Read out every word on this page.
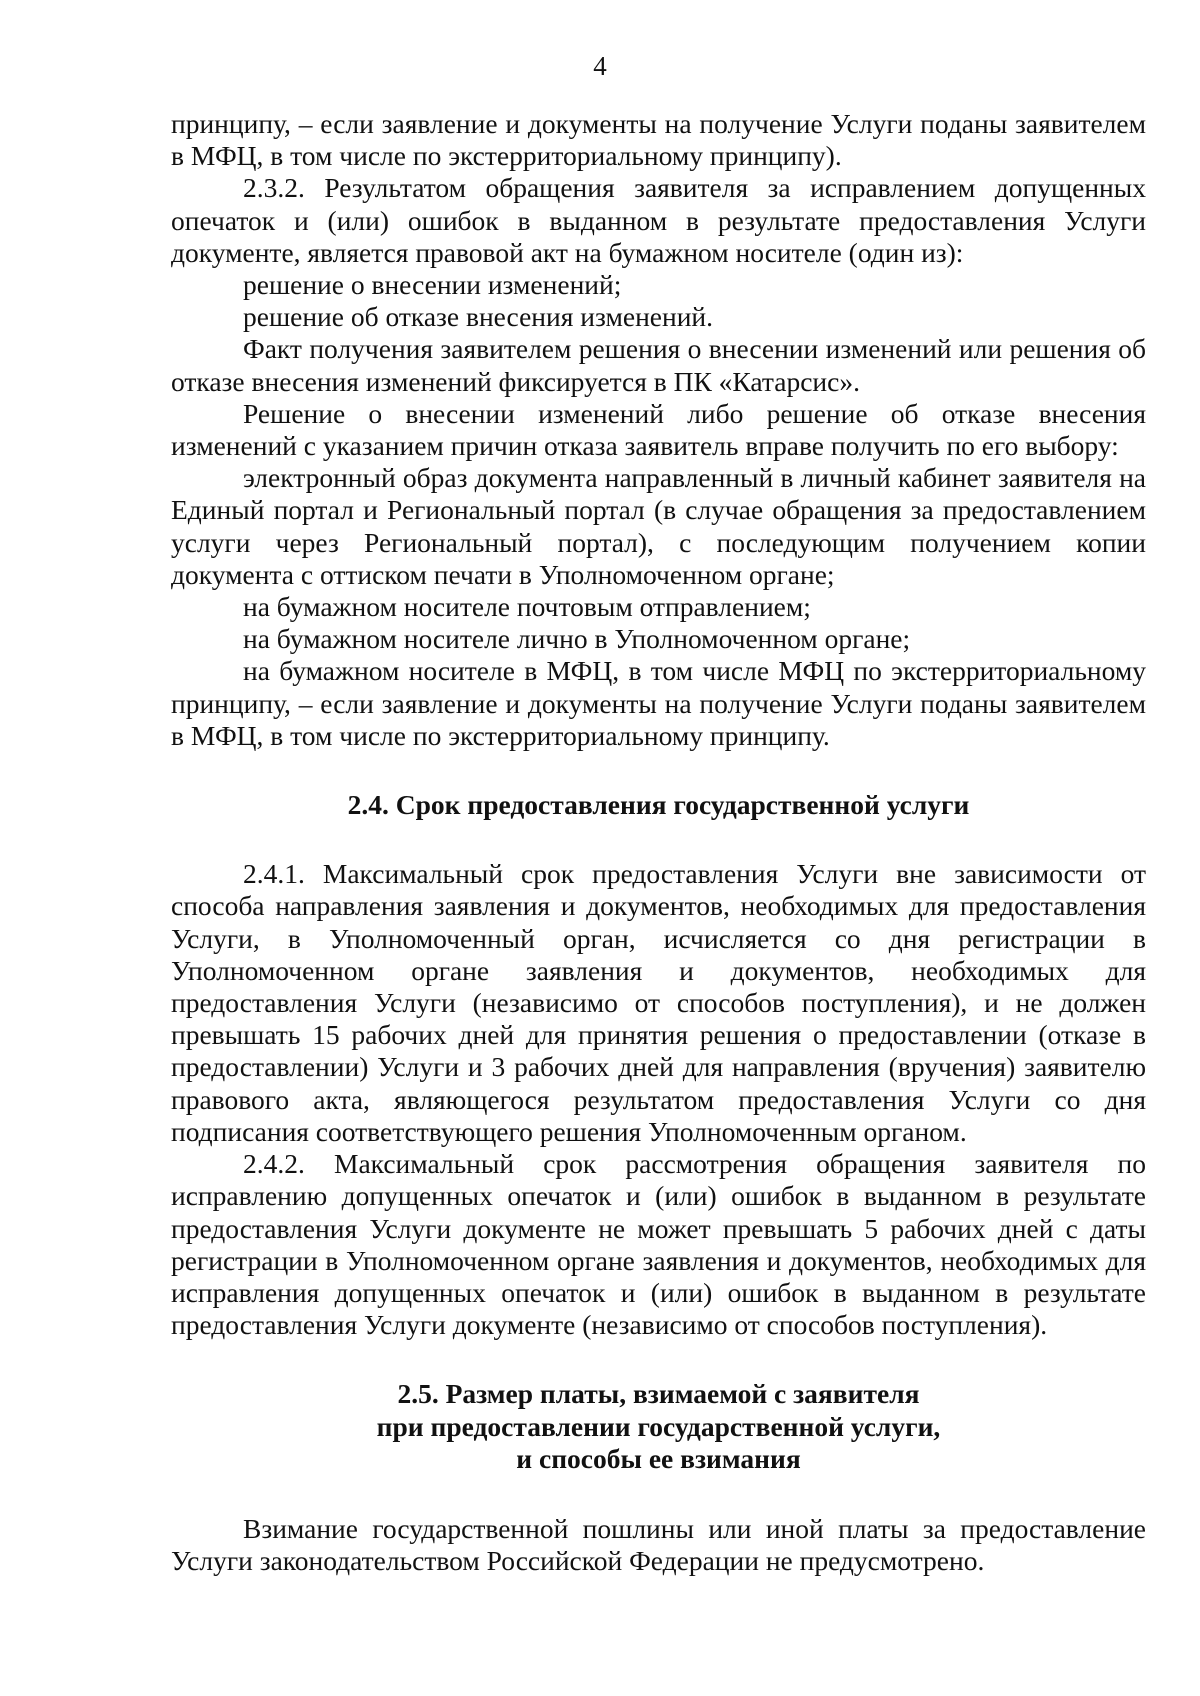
4

принципу, – если заявление и документы на получение Услуги поданы заявителем в МФЦ, в том числе по экстерриториальному принципу).

2.3.2. Результатом обращения заявителя за исправлением допущенных опечаток и (или) ошибок в выданном в результате предоставления Услуги документе, является правовой акт на бумажном носителе (один из):

решение о внесении изменений;

решение об отказе внесения изменений.

Факт получения заявителем решения о внесении изменений или решения об отказе внесения изменений фиксируется в ПК «Катарсис».

Решение о внесении изменений либо решение об отказе внесения изменений с указанием причин отказа заявитель вправе получить по его выбору:

электронный образ документа направленный в личный кабинет заявителя на Единый портал и Региональный портал (в случае обращения за предоставлением услуги через Региональный портал), с последующим получением копии документа с оттиском печати в Уполномоченном органе;

на бумажном носителе почтовым отправлением;

на бумажном носителе лично в Уполномоченном органе;

на бумажном носителе в МФЦ, в том числе МФЦ по экстерриториальному принципу, – если заявление и документы на получение Услуги поданы заявителем в МФЦ, в том числе по экстерриториальному принципу.

2.4. Срок предоставления государственной услуги

2.4.1. Максимальный срок предоставления Услуги вне зависимости от способа направления заявления и документов, необходимых для предоставления Услуги, в Уполномоченный орган, исчисляется со дня регистрации в Уполномоченном органе заявления и документов, необходимых для предоставления Услуги (независимо от способов поступления), и не должен превышать 15 рабочих дней для принятия решения о предоставлении (отказе в предоставлении) Услуги и 3 рабочих дней для направления (вручения) заявителю правового акта, являющегося результатом предоставления Услуги со дня подписания соответствующего решения Уполномоченным органом.

2.4.2. Максимальный срок рассмотрения обращения заявителя по исправлению допущенных опечаток и (или) ошибок в выданном в результате предоставления Услуги документе не может превышать 5 рабочих дней с даты регистрации в Уполномоченном органе заявления и документов, необходимых для исправления допущенных опечаток и (или) ошибок в выданном в результате предоставления Услуги документе (независимо от способов поступления).

2.5. Размер платы, взимаемой с заявителя
при предоставлении государственной услуги,
и способы ее взимания

Взимание государственной пошлины или иной платы за предоставление Услуги законодательством Российской Федерации не предусмотрено.
